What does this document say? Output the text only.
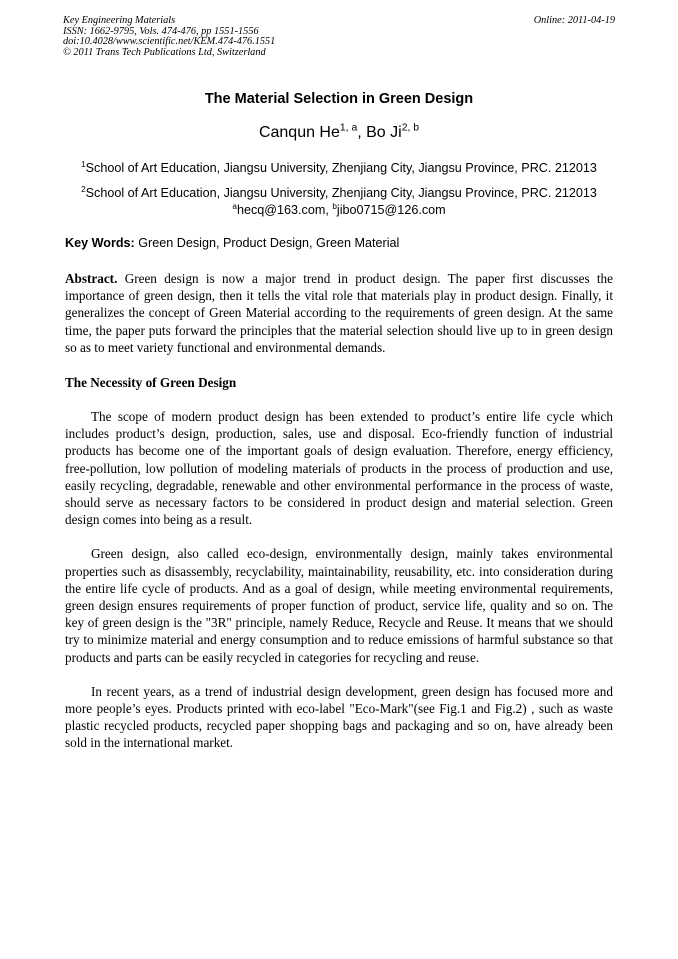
Key Engineering Materials
ISSN: 1662-9795, Vols. 474-476, pp 1551-1556
doi:10.4028/www.scientific.net/KEM.474-476.1551
© 2011 Trans Tech Publications Ltd, Switzerland
Online: 2011-04-19
The Material Selection in Green Design
Canqun He$^{1, a}$, Bo Ji$^{2, b}$
$^1$School of Art Education, Jiangsu University, Zhenjiang City, Jiangsu Province, PRC. 212013
$^2$School of Art Education, Jiangsu University, Zhenjiang City, Jiangsu Province, PRC. 212013
$^a$hecq@163.com, $^b$jibo0715@126.com
Key Words: Green Design, Product Design, Green Material

Abstract. Green design is now a major trend in product design. The paper first discusses the importance of green design, then it tells the vital role that materials play in product design. Finally, it generalizes the concept of Green Material according to the requirements of green design. At the same time, the paper puts forward the principles that the material selection should live up to in green design so as to meet variety functional and environmental demands.

The Necessity of Green Design

The scope of modern product design has been extended to product’s entire life cycle which includes product’s design, production, sales, use and disposal. Eco-friendly function of industrial products has become one of the important goals of design evaluation. Therefore, energy efficiency, free-pollution, low pollution of modeling materials of products in the process of production and use, easily recycling, degradable, renewable and other environmental performance in the process of waste, should serve as necessary factors to be considered in product design and material selection. Green design comes into being as a result.

Green design, also called eco-design, environmentally design, mainly takes environmental properties such as disassembly, recyclability, maintainability, reusability, etc. into consideration during the entire life cycle of products. And as a goal of design, while meeting environmental requirements, green design ensures requirements of proper function of product, service life, quality and so on. The key of green design is the "3R" principle, namely Reduce, Recycle and Reuse. It means that we should try to minimize material and energy consumption and to reduce emissions of harmful substance so that products and parts can be easily recycled in categories for recycling and reuse.

In recent years, as a trend of industrial design development, green design has focused more and more people’s eyes. Products printed with eco-label "Eco-Mark"(see Fig.1 and Fig.2) , such as waste plastic recycled products, recycled paper shopping bags and packaging and so on, have already been sold in the international market.
